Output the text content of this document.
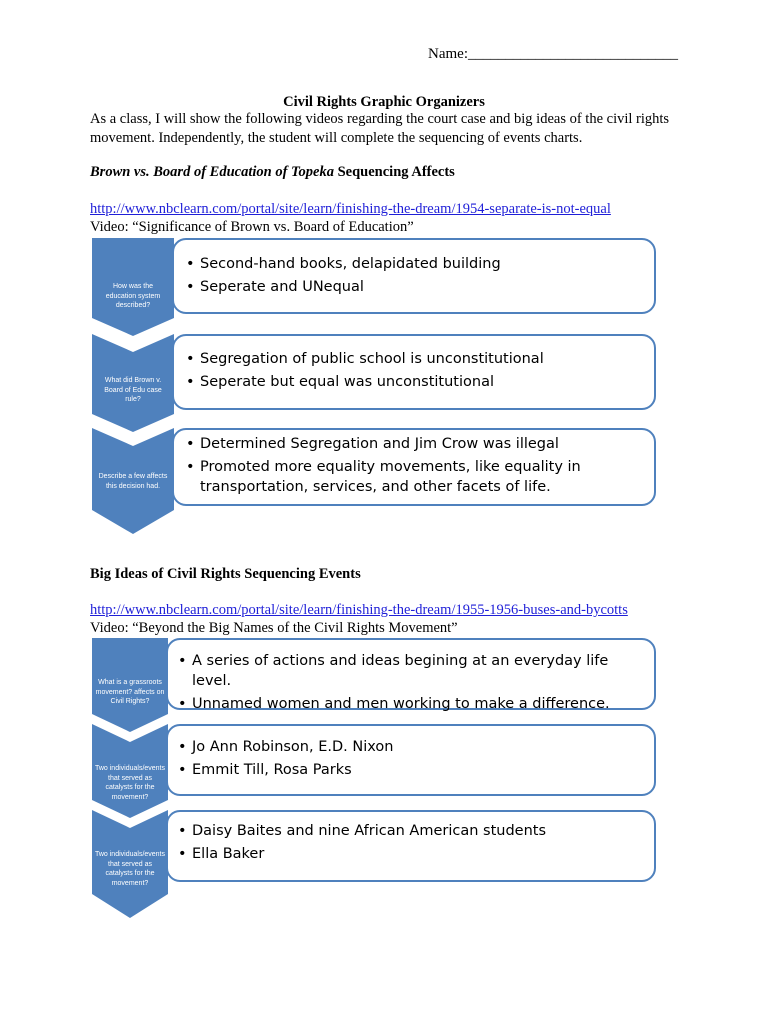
Name:____________________________
Civil Rights Graphic Organizers
As a class, I will show the following videos regarding the court case and big ideas of the civil rights movement. Independently, the student will complete the sequencing of events charts.
Brown vs. Board of Education of Topeka Sequencing Affects
http://www.nbclearn.com/portal/site/learn/finishing-the-dream/1954-separate-is-not-equal
Video: “Significance of Brown vs. Board of Education”
How was the education system described?
• Second-hand books, delapidated building
• Seperate and UNequal
What did Brown v. Board of Edu case rule?
• Segregation of public school is unconstitutional
• Seperate but equal was unconstitutional
Describe a few affects this decision had.
• Determined Segregation and Jim Crow was illegal
• Promoted more equality movements, like equality in transportation, services, and other facets of life.
Big Ideas of Civil Rights Sequencing Events
http://www.nbclearn.com/portal/site/learn/finishing-the-dream/1955-1956-buses-and-bycotts
Video: “Beyond the Big Names of the Civil Rights Movement”
What is a grassroots movement? affects on Civil Rights?
• A series of actions and ideas begining at an everyday life level.
• Unnamed women and men working to make a difference.
Two individuals/events that served as catalysts for the movement?
• Jo Ann Robinson, E.D. Nixon
• Emmit Till, Rosa Parks
Two individuals/events that served as catalysts for the movement?
• Daisy Baites and nine African American students
• Ella Baker
